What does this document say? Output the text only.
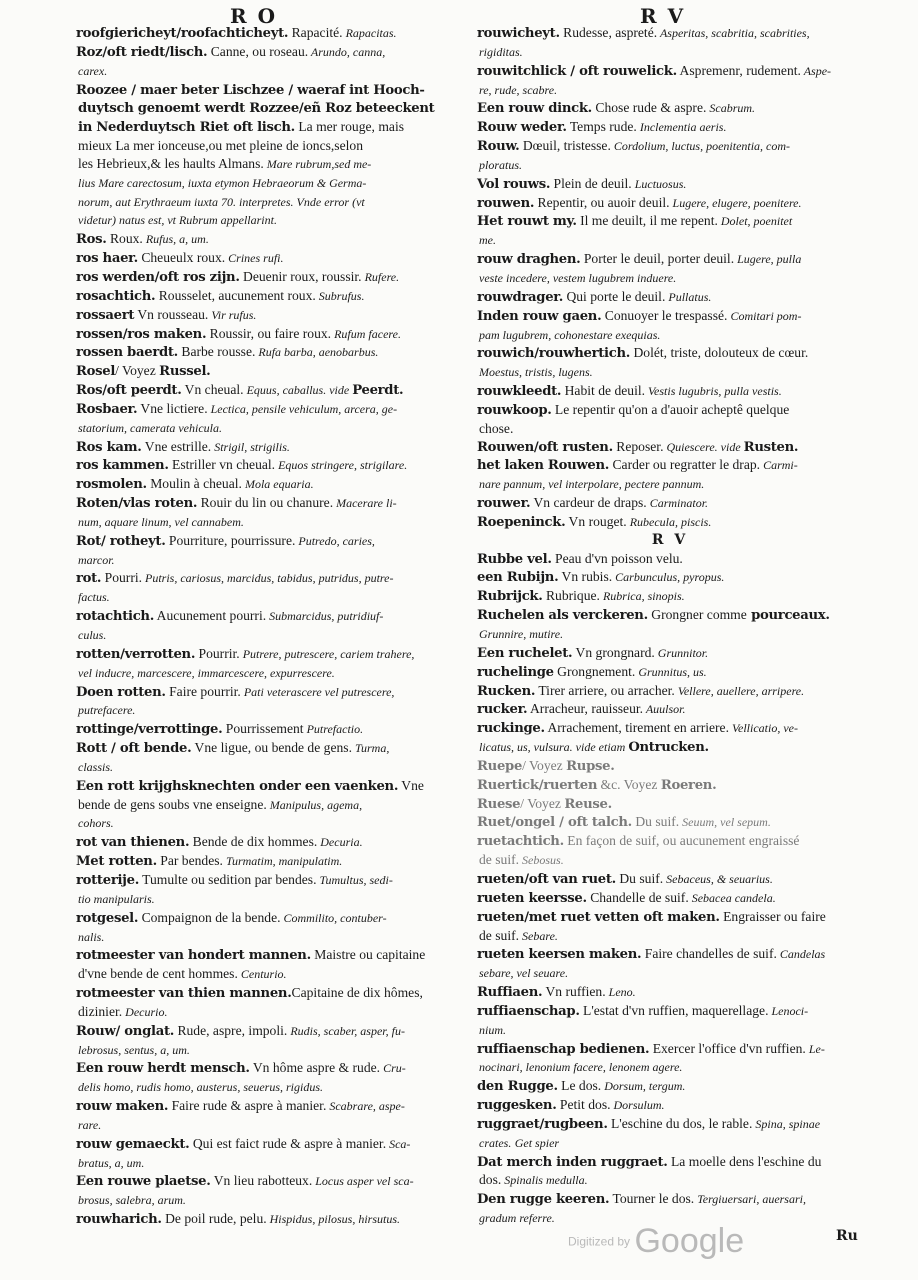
R O	R V
roofgiericheyt/roofachticheyt. Rapacité. Rapacitas.
Roz/oft riedt/lisch. Canne, ou roseau. Arundo, canna,
carex.
Roozee / maer beter Lischzee / waeraf int Hooch-
duytsch genoemt werdt Rozzee/eñ Roz beteeckent
in Nederduytsch Riet oft lisch. La mer rouge, mais
mieux La mer ionceuse,ou met pleine de ioncs,selon
les Hebrieux,& les haults Almans. Mare rubrum,sed me-
lius Mare carectosum, iuxta etymon Hebraeorum & Germa-
norum, aut Erythraeum iuxta 70. interpretes. Vnde error (vt
videtur) natus est, vt Rubrum appellarint.
Ros. Roux. Rufus, a, um.
ros haer. Cheueulx roux. Crines rufi.
ros werden/oft ros zijn. Deuenir roux, roussir. Rufere.
rosachtich. Rousselet, aucunement roux. Subrufus.
rossaert Vn rousseau. Vir rufus.
rossen/ros maken. Roussir, ou faire roux. Rufum facere.
rossen baerdt. Barbe rousse. Rufa barba, aenobarbus.
Rosel/ Voyez Russel.
Ros/oft peerdt. Vn cheual. Equus, caballus. vide Peerdt.
Rosbaer. Vne lictiere. Lectica, pensile vehiculum, arcera, ge-
statorium, camerata vehicula.
Ros kam. Vne estrille. Strigil, strigilis.
ros kammen. Estriller vn cheual. Equos stringere, strigilare.
rosmolen. Moulin à cheual. Mola equaria.
Roten/vlas roten. Rouir du lin ou chanure. Macerare li-
num, aquare linum, vel cannabem.
Rot/ rotheyt. Pourriture, pourrissure. Putredo, caries,
marcor.
rot. Pourri. Putris, cariosus, marcidus, tabidus, putridus, putre-
factus.
rotachtich. Aucunement pourri. Submarcidus, putridiuf-
culus.
rotten/verrotten. Pourrir. Putrere, putrescere, cariem trahere,
vel inducre, marcescere, immarcescere, expurrescere.
Doen rotten. Faire pourrir. Pati veterascere vel putrescere,
putrefacere.
rottinge/verrottinge. Pourrissement Putrefactio.
Rott / oft bende. Vne ligue, ou bende de gens. Turma,
classis.
Een rott krijghsknechten onder een vaenken. Vne
bende de gens soubs vne enseigne. Manipulus, agema,
cohors.
rot van thienen. Bende de dix hommes. Decuria.
Met rotten. Par bendes. Turmatim, manipulatim.
rotterije. Tumulte ou sedition par bendes. Tumultus, sedi-
tio manipularis.
rotgesel. Compaignon de la bende. Commilito, contuber-
nalis.
rotmeester van hondert mannen. Maistre ou capitaine
d'vne bende de cent hommes. Centurio.
rotmeester van thien mannen.Capitaine de dix hômes,
dizinier. Decurio.
Rouw/ onglat. Rude, aspre, impoli. Rudis, scaber, asper, fu-
lebrosus, sentus, a, um.
Een rouw herdt mensch. Vn hôme aspre & rude. Cru-
delis homo, rudis homo, austerus, seuerus, rigidus.
rouw maken. Faire rude & aspre à manier. Scabrare, aspe-
rare.
rouw gemaeckt. Qui est faict rude & aspre à manier. Sca-
bratus, a, um.
Een rouwe plaetse. Vn lieu rabotteux. Locus asper vel sca-
brosus, salebra, arum.
rouwharich. De poil rude, pelu. Hispidus, pilosus, hirsutus.
rouwicheyt. Rudesse, aspreté. Asperitas, scabritia, scabrities,
rigiditas.
rouwitchlick / oft rouwelick. Aspremenr, rudement. Aspe-
re, rude, scabre.
Een rouw dinck. Chose rude & aspre. Scabrum.
Rouw weder. Temps rude. Inclementia aeris.
Rouw. Dœuil, tristesse. Cordolium, luctus, poenitentia, com-
ploratus.
Vol rouws. Plein de deuil. Luctuosus.
rouwen. Repentir, ou auoir deuil. Lugere, elugere, poenitere.
Het rouwt my. Il me deuilt, il me repent. Dolet, poenitet
me.
rouw draghen. Porter le deuil, porter deuil. Lugere, pulla
veste incedere, vestem lugubrem induere.
rouwdrager. Qui porte le deuil. Pullatus.
Inden rouw gaen. Conuoyer le trespassé. Comitari pom-
pam lugubrem, cohonestare exequias.
rouwich/rouwhertich. Dolét, triste, dolouteux de cœur.
Moestus, tristis, lugens.
rouwkleedt. Habit de deuil. Vestis lugubris, pulla vestis.
rouwkoop. Le repentir qu'on a d'auoir acheptê quelque
chose.
Rouwen/oft rusten. Reposer. Quiescere. vide Rusten.
het laken Rouwen. Carder ou regratter le drap. Carmi-
nare pannum, vel interpolare, pectere pannum.
rouwer. Vn cardeur de draps. Carminator.
Roepeninck. Vn rouget. Rubecula, piscis.
R V
Rubbe vel. Peau d'vn poisson velu.
een Rubijn. Vn rubis. Carbunculus, pyropus.
Rubrijck. Rubrique. Rubrica, sinopis.
Ruchelen als verckeren. Grongner comme pourceaux.
Grunnire, mutire.
Een ruchelet. Vn grongnard. Grunnitor.
ruchelinge Grongnement. Grunnitus, us.
Rucken. Tirer arriere, ou arracher. Vellere, auellere, arripere.
rucker. Arracheur, rauisseur. Auulsor.
ruckinge. Arrachement, tirement en arriere. Vellicatio, ve-
licatus, us, vulsura. vide etiam Ontrucken.
Ruepe/ Voyez Rupse.
Ruertick/ruerten &c. Voyez Roeren.
Ruese/ Voyez Reuse.
Ruet/ongel / oft talch. Du suif. Seuum, vel sepum.
ruetachtich. En façon de suif, ou aucunement engraissé
de suif. Sebosus.
rueten/oft van ruet. Du suif. Sebaceus, & seuarius.
rueten keersse. Chandelle de suif. Sebacea candela.
rueten/met ruet vetten oft maken. Engraisser ou faire
de suif. Sebare.
rueten keersen maken. Faire chandelles de suif. Candelas
sebare, vel seuare.
Ruffiaen. Vn ruffien. Leno.
ruffiaenschap. L'estat d'vn ruffien, maquerellage. Lenoci-
nium.
ruffiaenschap bedienen. Exercer l'office d'vn ruffien. Le-
nocinari, lenonium facere, lenonem agere.
den Rugge. Le dos. Dorsum, tergum.
ruggesken. Petit dos. Dorsulum.
ruggraet/rugbeen. L'eschine du dos, le rable. Spina, spinae
crates. Get spier
Dat merch inden ruggraet. La moelle dens l'eschine du
dos. Spinalis medulla.
Den rugge keeren. Tourner le dos. Tergiuersari, auersari,
gradum referre.
Ru
Digitized by Google
